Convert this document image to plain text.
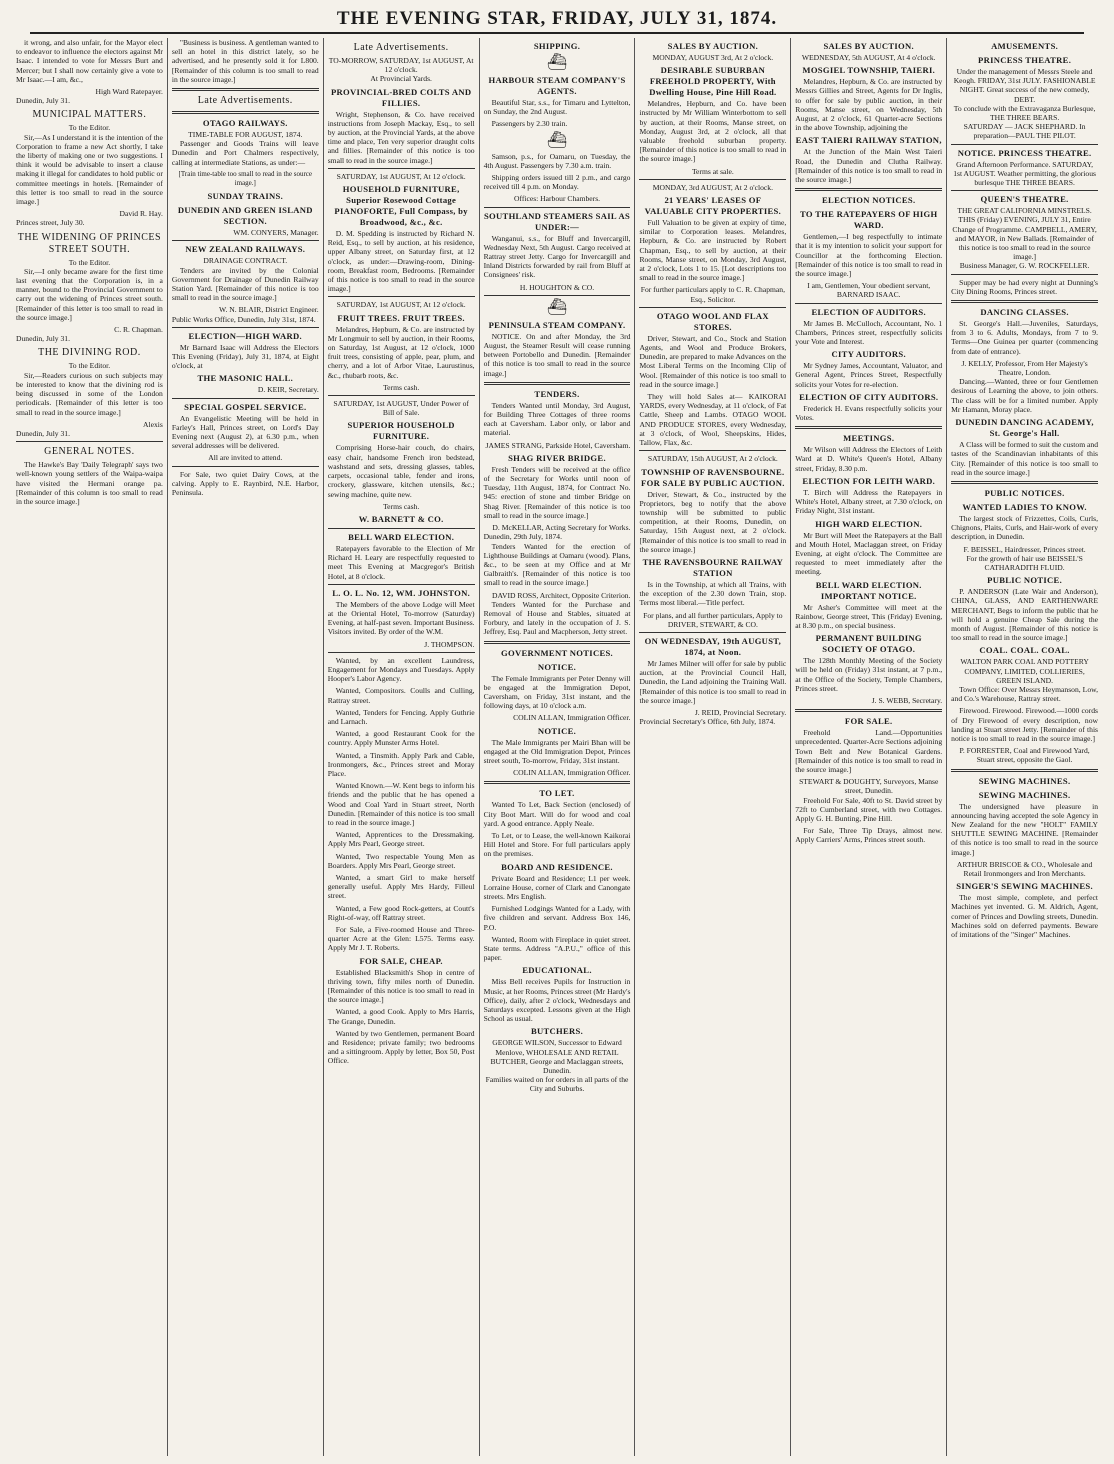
THE EVENING STAR, FRIDAY, JULY 31, 1874.
it wrong, and also unfair, for the Mayor elect to endeavor to influence the electors against Mr Isaac. I intended to vote for Messrs Burt and Mercer; but I shall now certainly give a vote to Mr Isaac.—I am, &c.,
High Ward Ratepayer.
Dunedin, July 31.
MUNICIPAL MATTERS.
To the Editor.
Sir,—As I understand it is the intention of the Corporation to frame a new Act shortly, I take the liberty of making one or two suggestions. I think it would be advisable to insert a clause making it illegal for candidates to hold public or committee meetings in hotels. [Remainder of this letter is too small to read in the source image.]
David R. Hay.
Princes street, July 30.
THE WIDENING OF PRINCES STREET SOUTH.
To the Editor.
Sir,—I only became aware for the first time last evening that the Corporation is, in a manner, bound to the Provincial Government to carry out the widening of Princes street south. [Remainder of this letter is too small to read in the source image.]
C. R. Chapman.
Dunedin, July 31.
THE DIVINING ROD.
To the Editor.
Sir,—Readers curious on such subjects may be interested to know that the divining rod is being discussed in some of the London periodicals. [Remainder of this letter is too small to read in the source image.]
Alexis
Dunedin, July 31.
GENERAL NOTES.
The Hawke's Bay 'Daily Telegraph' says two well-known young settlers of the Waipa-waipa have visited the Hermani orange pa. [Remainder of this column is too small to read in the source image.]
"Business is business. A gentleman wanted to sell an hotel in this district lately, so he advertised, and he presently sold it for L800. [Remainder of this column is too small to read in the source image.]
Late Advertisements.
OTAGO RAILWAYS.
TIME-TABLE FOR AUGUST, 1874.
Passenger and Goods Trains will leave Dunedin and Port Chalmers respectively, calling at intermediate Stations, as under:—
[Train time-table too small to read in the source image.]
SUNDAY TRAINS.
DUNEDIN AND GREEN ISLAND SECTION.
WM. CONYERS, Manager.
NEW ZEALAND RAILWAYS.
DRAINAGE CONTRACT.
Tenders are invited by the Colonial Government for Drainage of Dunedin Railway Station Yard. [Remainder of this notice is too small to read in the source image.]
W. N. BLAIR, District Engineer.
Public Works Office, Dunedin, July 31st, 1874.
ELECTION—HIGH WARD.
Mr Barnard Isaac will Address the Electors This Evening (Friday), July 31, 1874, at Eight o'clock, at
THE MASONIC HALL.
D. KEIR, Secretary.
SPECIAL GOSPEL SERVICE.
An Evangelistic Meeting will be held in Farley's Hall, Princes street, on Lord's Day Evening next (August 2), at 6.30 p.m., when several addresses will be delivered.
All are invited to attend.
For Sale, two quiet Dairy Cows, at the calving. Apply to E. Raynbird, N.E. Harbor, Peninsula.
Late Advertisements.
TO-MORROW, SATURDAY, 1st AUGUST, At 12 o'clock.
At Provincial Yards.
PROVINCIAL-BRED COLTS AND FILLIES.
Wright, Stephenson, & Co. have received instructions from Joseph Mackay, Esq., to sell by auction, at the Provincial Yards, at the above time and place, Ten very superior draught colts and fillies. [Remainder of this notice is too small to read in the source image.]
SATURDAY, 1st AUGUST, At 12 o'clock.
HOUSEHOLD FURNITURE, Superior Rosewood Cottage PIANOFORTE, Full Compass, by Broadwood, &c., &c.
D. M. Spedding is instructed by Richard N. Reid, Esq., to sell by auction, at his residence, upper Albany street, on Saturday first, at 12 o'clock, as under:—Drawing-room, Dining-room, Breakfast room, Bedrooms. [Remainder of this notice is too small to read in the source image.]
SATURDAY, 1st AUGUST, At 12 o'clock.
FRUIT TREES. FRUIT TREES.
Melandres, Hepburn, & Co. are instructed by Mr Longmuir to sell by auction, in their Rooms, on Saturday, 1st August, at 12 o'clock, 1000 fruit trees, consisting of apple, pear, plum, and cherry, and a lot of Arbor Vitae, Laurustinus, &c., rhubarb roots, &c.
Terms cash.
SATURDAY, 1st AUGUST, Under Power of Bill of Sale.
SUPERIOR HOUSEHOLD FURNITURE.
Comprising Horse-hair couch, do chairs, easy chair, handsome French iron bedstead, washstand and sets, dressing glasses, tables, carpets, occasional table, fender and irons, crockery, glassware, kitchen utensils, &c.; sewing machine, quite new.
Terms cash.
W. BARNETT & CO.
BELL WARD ELECTION.
Ratepayers favorable to the Election of Mr Richard H. Leary are respectfully requested to meet This Evening at Macgregor's British Hotel, at 8 o'clock.
L. O. L. No. 12, WM. JOHNSTON.
The Members of the above Lodge will Meet at the Oriental Hotel, To-morrow (Saturday) Evening, at half-past seven. Important Business. Visitors invited. By order of the W.M.
J. THOMPSON.
Wanted, by an excellent Laundress, Engagement for Mondays and Tuesdays. Apply Hooper's Labor Agency.
Wanted, Compositors. Coulls and Culling, Rattray street.
Wanted, Tenders for Fencing. Apply Guthrie and Larnach.
Wanted, a good Restaurant Cook for the country. Apply Munster Arms Hotel.
Wanted, a Tinsmith. Apply Park and Cable, Ironmongers, &c., Princes street and Moray Place.
Wanted Known.—W. Kent begs to inform his friends and the public that he has opened a Wood and Coal Yard in Stuart street, North Dunedin. [Remainder of this notice is too small to read in the source image.]
Wanted, Apprentices to the Dressmaking. Apply Mrs Pearl, George street.
Wanted, Two respectable Young Men as Boarders. Apply Mrs Pearl, George street.
Wanted, a smart Girl to make herself generally useful. Apply Mrs Hardy, Filleul street.
Wanted, a Few good Rock-getters, at Coutt's Right-of-way, off Rattray street.
For Sale, a Five-roomed House and Three-quarter Acre at the Glen: L575. Terms easy. Apply Mr J. T. Roberts.
FOR SALE, CHEAP.
Established Blacksmith's Shop in centre of thriving town, fifty miles north of Dunedin. [Remainder of this notice is too small to read in the source image.]
Wanted, a good Cook. Apply to Mrs Harris, The Grange, Dunedin.
Wanted by two Gentlemen, permanent Board and Residence; private family; two bedrooms and a sittingroom. Apply by letter, Box 50, Post Office.
SHIPPING.
⛴
HARBOUR STEAM COMPANY'S AGENTS.
Beautiful Star, s.s., for Timaru and Lyttelton, on Sunday, the 2nd August.
Passengers by 2.30 train.
⛴
Samson, p.s., for Oamaru, on Tuesday, the 4th August. Passengers by 7.30 a.m. train.
Shipping orders issued till 2 p.m., and cargo received till 4 p.m. on Monday.
Offices: Harbour Chambers.
SOUTHLAND STEAMERS SAIL AS UNDER:—
Wanganui, s.s., for Bluff and Invercargill, Wednesday Next, 5th August. Cargo received at Rattray street Jetty. Cargo for Invercargill and Inland Districts forwarded by rail from Bluff at Consignees' risk.
H. HOUGHTON & CO.
⛴
PENINSULA STEAM COMPANY.
NOTICE. On and after Monday, the 3rd August, the Steamer Result will cease running between Portobello and Dunedin. [Remainder of this notice is too small to read in the source image.]
TENDERS.
Tenders Wanted until Monday, 3rd August, for Building Three Cottages of three rooms each at Caversham. Labor only, or labor and material.
JAMES STRANG, Parkside Hotel, Caversham.
SHAG RIVER BRIDGE.
Fresh Tenders will be received at the office of the Secretary for Works until noon of Tuesday, 11th August, 1874, for Contract No. 945: erection of stone and timber Bridge on Shag River. [Remainder of this notice is too small to read in the source image.]
D. McKELLAR, Acting Secretary for Works.
Dunedin, 29th July, 1874.
Tenders Wanted for the erection of Lighthouse Buildings at Oamaru (wood). Plans, &c., to be seen at my Office and at Mr Galbraith's. [Remainder of this notice is too small to read in the source image.]
DAVID ROSS, Architect, Opposite Criterion.
Tenders Wanted for the Purchase and Removal of House and Stables, situated at Forbury, and lately in the occupation of J. S. Jeffrey, Esq. Paul and Macpherson, Jetty street.
GOVERNMENT NOTICES.
NOTICE.
The Female Immigrants per Peter Denny will be engaged at the Immigration Depot, Caversham, on Friday, 31st instant, and the following days, at 10 o'clock a.m.
COLIN ALLAN, Immigration Officer.
NOTICE.
The Male Immigrants per Mairi Bhan will be engaged at the Old Immigration Depot, Princes street south, To-morrow, Friday, 31st instant.
COLIN ALLAN, Immigration Officer.
TO LET.
Wanted To Let, Back Section (enclosed) of City Boot Mart. Will do for wood and coal yard. A good entrance. Apply Neale.
To Let, or to Lease, the well-known Kaikorai Hill Hotel and Store. For full particulars apply on the premises.
BOARD AND RESIDENCE.
Private Board and Residence; L1 per week. Lorraine House, corner of Clark and Canongate streets. Mrs English.
Furnished Lodgings Wanted for a Lady, with five children and servant. Address Box 146, P.O.
Wanted, Room with Fireplace in quiet street. State terms. Address "A.P.U.," office of this paper.
EDUCATIONAL.
Miss Bell receives Pupils for Instruction in Music, at her Rooms, Princes street (Mr Hardy's Office), daily, after 2 o'clock, Wednesdays and Saturdays excepted. Lessons given at the High School as usual.
BUTCHERS.
GEORGE WILSON, Successor to Edward Menlove, WHOLESALE AND RETAIL BUTCHER, George and Maclaggan streets, Dunedin.
Families waited on for orders in all parts of the City and Suburbs.
SALES BY AUCTION.
MONDAY, AUGUST 3rd, At 2 o'clock.
DESIRABLE SUBURBAN FREEHOLD PROPERTY, With Dwelling House, Pine Hill Road.
Melandres, Hepburn, and Co. have been instructed by Mr William Winterbottom to sell by auction, at their Rooms, Manse street, on Monday, August 3rd, at 2 o'clock, all that valuable freehold suburban property. [Remainder of this notice is too small to read in the source image.]
Terms at sale.
MONDAY, 3rd AUGUST, At 2 o'clock.
21 YEARS' LEASES OF VALUABLE CITY PROPERTIES.
Full Valuation to be given at expiry of time, similar to Corporation leases. Melandres, Hepburn, & Co. are instructed by Robert Chapman, Esq., to sell by auction, at their Rooms, Manse street, on Monday, 3rd August, at 2 o'clock, Lots 1 to 15. [Lot descriptions too small to read in the source image.]
For further particulars apply to C. R. Chapman, Esq., Solicitor.
OTAGO WOOL AND FLAX STORES.
Driver, Stewart, and Co., Stock and Station Agents, and Wool and Produce Brokers, Dunedin, are prepared to make Advances on the Most Liberal Terms on the Incoming Clip of Wool. [Remainder of this notice is too small to read in the source image.]
They will hold Sales at— KAIKORAI YARDS, every Wednesday, at 11 o'clock, of Fat Cattle, Sheep and Lambs. OTAGO WOOL AND PRODUCE STORES, every Wednesday, at 3 o'clock, of Wool, Sheepskins, Hides, Tallow, Flax, &c.
SATURDAY, 15th AUGUST, At 2 o'clock.
TOWNSHIP OF RAVENSBOURNE. FOR SALE BY PUBLIC AUCTION.
Driver, Stewart, & Co., instructed by the Proprietors, beg to notify that the above township will be submitted to public competition, at their Rooms, Dunedin, on Saturday, 15th August next, at 2 o'clock. [Remainder of this notice is too small to read in the source image.]
THE RAVENSBOURNE RAILWAY STATION
Is in the Township, at which all Trains, with the exception of the 2.30 down Train, stop. Terms most liberal.—Title perfect.
For plans, and all further particulars, Apply to DRIVER, STEWART, & CO.
ON WEDNESDAY, 19th AUGUST, 1874, at Noon.
Mr James Milner will offer for sale by public auction, at the Provincial Council Hall, Dunedin, the Land adjoining the Training Wall. [Remainder of this notice is too small to read in the source image.]
J. REID, Provincial Secretary.
Provincial Secretary's Office, 6th July, 1874.
SALES BY AUCTION.
WEDNESDAY, 5th AUGUST, At 4 o'clock.
MOSGIEL TOWNSHIP, TAIERI.
Melandres, Hepburn, & Co. are instructed by Messrs Gillies and Street, Agents for Dr Inglis, to offer for sale by public auction, in their Rooms, Manse street, on Wednesday, 5th August, at 2 o'clock, 61 Quarter-acre Sections in the above Township, adjoining the
EAST TAIERI RAILWAY STATION,
At the Junction of the Main West Taieri Road, the Dunedin and Clutha Railway. [Remainder of this notice is too small to read in the source image.]
ELECTION NOTICES.
TO THE RATEPAYERS OF HIGH WARD.
Gentlemen,—I beg respectfully to intimate that it is my intention to solicit your support for Councillor at the forthcoming Election. [Remainder of this notice is too small to read in the source image.]
I am, Gentlemen, Your obedient servant, BARNARD ISAAC.
ELECTION OF AUDITORS.
Mr James B. McCulloch, Accountant, No. 1 Chambers, Princes street, respectfully solicits your Vote and Interest.
CITY AUDITORS.
Mr Sydney James, Accountant, Valuator, and General Agent, Princes Street, Respectfully solicits your Votes for re-election.
ELECTION OF CITY AUDITORS.
Frederick H. Evans respectfully solicits your Votes.
MEETINGS.
Mr Wilson will Address the Electors of Leith Ward at D. White's Queen's Hotel, Albany street, Friday, 8.30 p.m.
ELECTION FOR LEITH WARD.
T. Birch will Address the Ratepayers in White's Hotel, Albany street, at 7.30 o'clock, on Friday Night, 31st instant.
HIGH WARD ELECTION.
Mr Burt will Meet the Ratepayers at the Ball and Mouth Hotel, Maclaggan street, on Friday Evening, at eight o'clock. The Committee are requested to meet immediately after the meeting.
BELL WARD ELECTION. IMPORTANT NOTICE.
Mr Asher's Committee will meet at the Rainbow, George street, This (Friday) Evening, at 8.30 p.m., on special business.
PERMANENT BUILDING SOCIETY OF OTAGO.
The 128th Monthly Meeting of the Society will be held on (Friday) 31st instant, at 7 p.m., at the Office of the Society, Temple Chambers, Princes street.
J. S. WEBB, Secretary.
FOR SALE.
Freehold Land.—Opportunities unprecedented. Quarter-Acre Sections adjoining Town Belt and New Botanical Gardens. [Remainder of this notice is too small to read in the source image.]
STEWART & DOUGHTY, Surveyors, Manse street, Dunedin.
Freehold For Sale, 40ft to St. David street by 72ft to Cumberland street, with two Cottages. Apply G. H. Bunting, Pine Hill.
For Sale, Three Tip Drays, almost new. Apply Carriers' Arms, Princes street south.
AMUSEMENTS.
PRINCESS THEATRE.
Under the management of Messrs Steele and Keogh. FRIDAY, 31st JULY. FASHIONABLE NIGHT. Great success of the new comedy, DEBT.
To conclude with the Extravaganza Burlesque, THE THREE BEARS.
SATURDAY — JACK SHEPHARD. In preparation—PAUL THE PILOT.
NOTICE. PRINCESS THEATRE.
Grand Afternoon Performance. SATURDAY, 1st AUGUST. Weather permitting, the glorious burlesque THE THREE BEARS.
QUEEN'S THEATRE.
THE GREAT CALIFORNIA MINSTRELS. THIS (Friday) EVENING, JULY 31, Entire Change of Programme. CAMPBELL, AMERY, and MAYOR, in New Ballads. [Remainder of this notice is too small to read in the source image.]
Business Manager, G. W. ROCKFELLER.
Supper may be had every night at Dunning's City Dining Rooms, Princes street.
DANCING CLASSES.
St. George's Hall.—Juveniles, Saturdays, from 3 to 6. Adults, Mondays, from 7 to 9. Terms—One Guinea per quarter (commencing from date of entrance).
J. KELLY, Professor, From Her Majesty's Theatre, London.
Dancing.—Wanted, three or four Gentlemen desirous of Learning the above, to join others. The class will be for a limited number. Apply Mr Hamann, Moray place.
DUNEDIN DANCING ACADEMY, St. George's Hall.
A Class will be formed to suit the custom and tastes of the Scandinavian inhabitants of this City. [Remainder of this notice is too small to read in the source image.]
PUBLIC NOTICES.
WANTED LADIES TO KNOW.
The largest stock of Frizzettes, Coils, Curls, Chignons, Plaits, Curls, and Hair-work of every description, in Dunedin.
F. BEISSEL, Hairdresser, Princes street.
For the growth of hair use BEISSEL'S CATHARADITH FLUID.
PUBLIC NOTICE.
P. ANDERSON (Late Wair and Anderson), CHINA, GLASS, AND EARTHENWARE MERCHANT, Begs to inform the public that he will hold a genuine Cheap Sale during the month of August. [Remainder of this notice is too small to read in the source image.]
COAL. COAL. COAL.
WALTON PARK COAL AND POTTERY COMPANY, LIMITED, COLLIERIES, GREEN ISLAND.
Town Office: Over Messrs Heymanson, Low, and Co.'s Warehouse, Rattray street.
Firewood. Firewood. Firewood.—1000 cords of Dry Firewood of every description, now landing at Stuart street Jetty. [Remainder of this notice is too small to read in the source image.]
P. FORRESTER, Coal and Firewood Yard, Stuart street, opposite the Gaol.
SEWING MACHINES.
SEWING MACHINES.
The undersigned have pleasure in announcing having accepted the sole Agency in New Zealand for the new "HOLT" FAMILY SHUTTLE SEWING MACHINE. [Remainder of this notice is too small to read in the source image.]
ARTHUR BRISCOE & CO., Wholesale and Retail Ironmongers and Iron Merchants.
SINGER'S SEWING MACHINES.
The most simple, complete, and perfect Machines yet invented. G. M. Aldrich, Agent, corner of Princes and Dowling streets, Dunedin. Machines sold on deferred payments. Beware of imitations of the "Singer" Machines.
